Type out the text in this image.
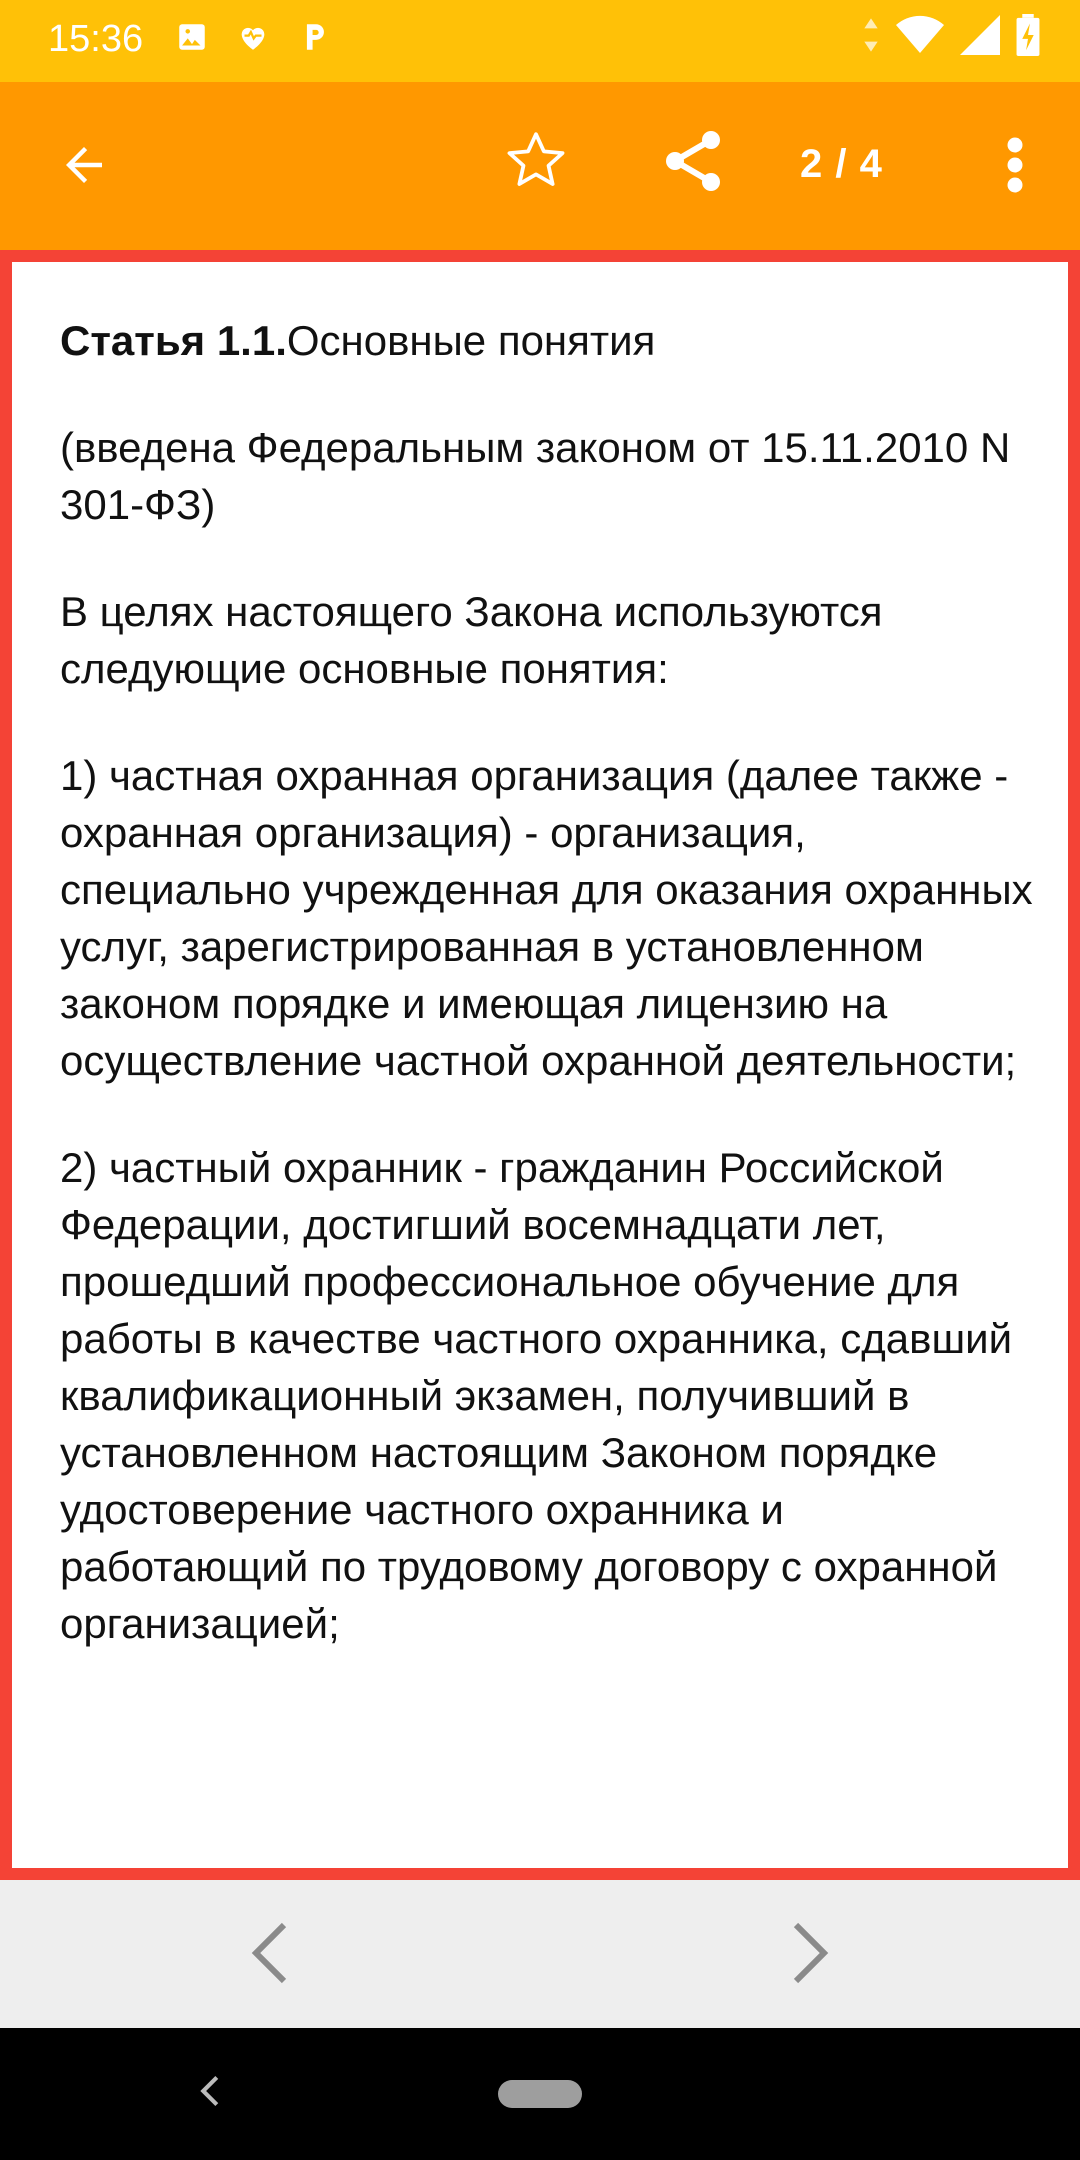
15:36
2 / 4

Статья 1.1.Основные понятия

(введена Федеральным законом от 15.11.2010 N 301-ФЗ)

В целях настоящего Закона используются следующие основные понятия:

1) частная охранная организация (далее также - охранная организация) - организация, специально учрежденная для оказания охранных услуг, зарегистрированная в установленном законом порядке и имеющая лицензию на осуществление частной охранной деятельности;

2) частный охранник - гражданин Российской Федерации, достигший восемнадцати лет, прошедший профессиональное обучение для работы в качестве частного охранника, сдавший квалификационный экзамен, получивший в установленном настоящим Законом порядке удостоверение частного охранника и работающий по трудовому договору с охранной организацией;
